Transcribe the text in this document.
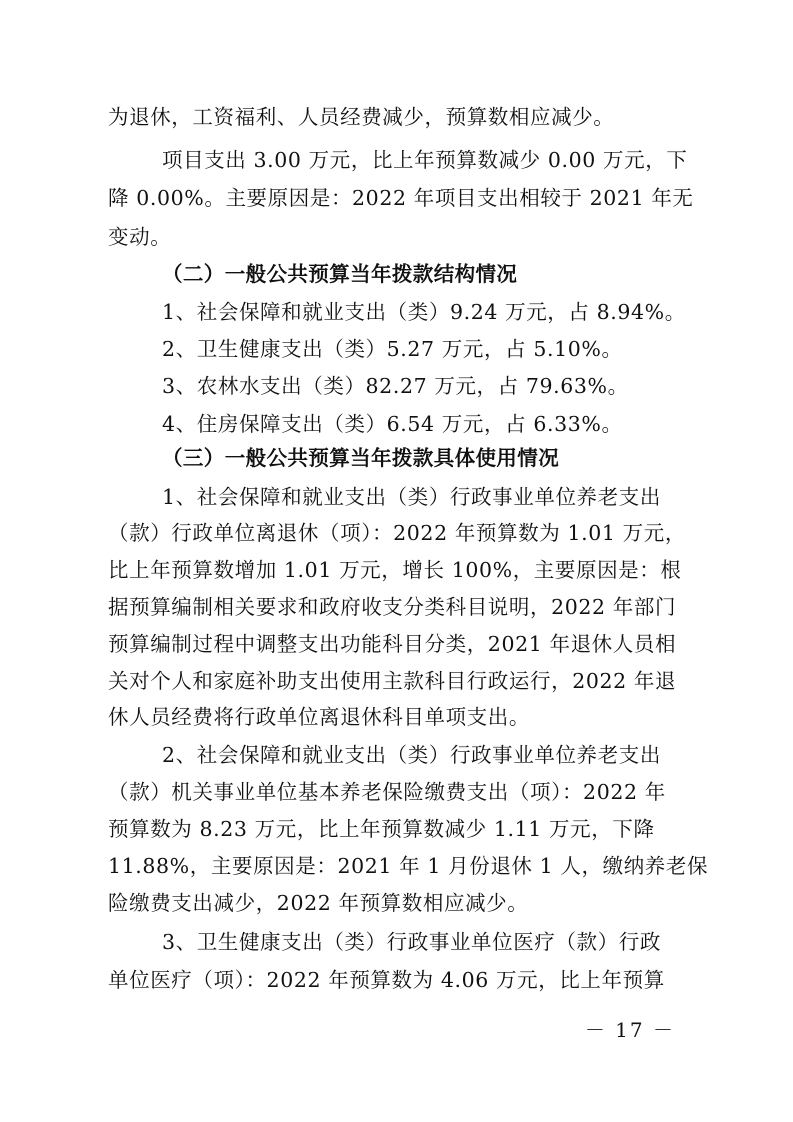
为退休，工资福利、人员经费减少，预算数相应减少。
项目支出 3.00 万元，比上年预算数减少 0.00 万元，下
降 0.00%。主要原因是：2022 年项目支出相较于 2021 年无
变动。
（二）一般公共预算当年拨款结构情况
1、社会保障和就业支出（类）9.24 万元，占 8.94%。
2、卫生健康支出（类）5.27 万元，占 5.10%。
3、农林水支出（类）82.27 万元，占 79.63%。
4、住房保障支出（类）6.54 万元，占 6.33%。
（三）一般公共预算当年拨款具体使用情况
1、社会保障和就业支出（类）行政事业单位养老支出
（款）行政单位离退休（项）：2022 年预算数为 1.01 万元，
比上年预算数增加 1.01 万元，增长 100%，主要原因是：根
据预算编制相关要求和政府收支分类科目说明，2022 年部门
预算编制过程中调整支出功能科目分类，2021 年退休人员相
关对个人和家庭补助支出使用主款科目行政运行，2022 年退
休人员经费将行政单位离退休科目单项支出。
2、社会保障和就业支出（类）行政事业单位养老支出
（款）机关事业单位基本养老保险缴费支出（项）：2022 年
预算数为 8.23 万元，比上年预算数减少 1.11 万元，下降
11.88%，主要原因是：2021 年 1 月份退休 1 人，缴纳养老保
险缴费支出减少，2022 年预算数相应减少。
3、卫生健康支出（类）行政事业单位医疗（款）行政
单位医疗（项）：2022 年预算数为 4.06 万元，比上年预算
－ 17 －
